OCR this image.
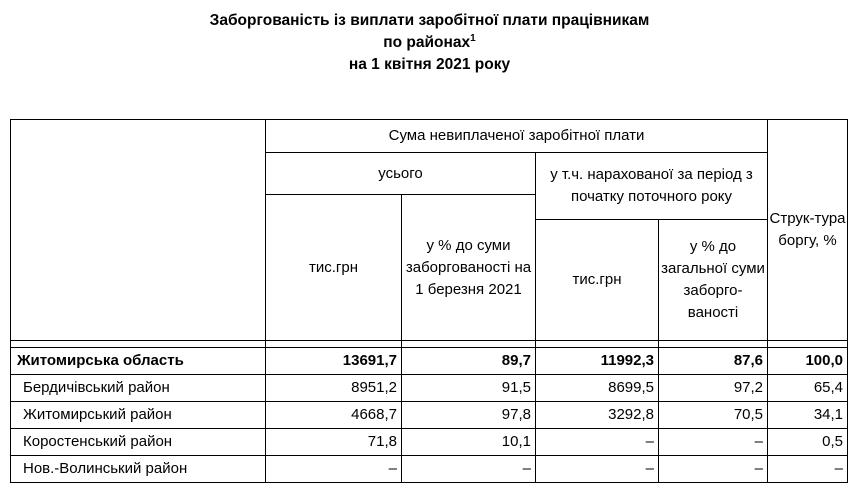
Заборгованість із виплати заробітної плати працівникам
по районах$^1$
на 1 квітня 2021 року
	Сума невиплаченої заробітної плати				Струк-тура боргу, %
	усього		у т.ч. нарахованої за період з початку поточного року		
	тис.грн	у % до суми заборгованості на 1 березня 2021			
			тис.грн	у % до загальної суми заборго-ваності	

Житомирська область	13691,7	89,7	11992,3	87,6	100,0
Бердичівський район	8951,2	91,5	8699,5	97,2	65,4
Житомирський район	4668,7	97,8	3292,8	70,5	34,1
Коростенський район	71,8	10,1	–	–	0,5
Нов.-Волинський район	–	–	–	–	–
